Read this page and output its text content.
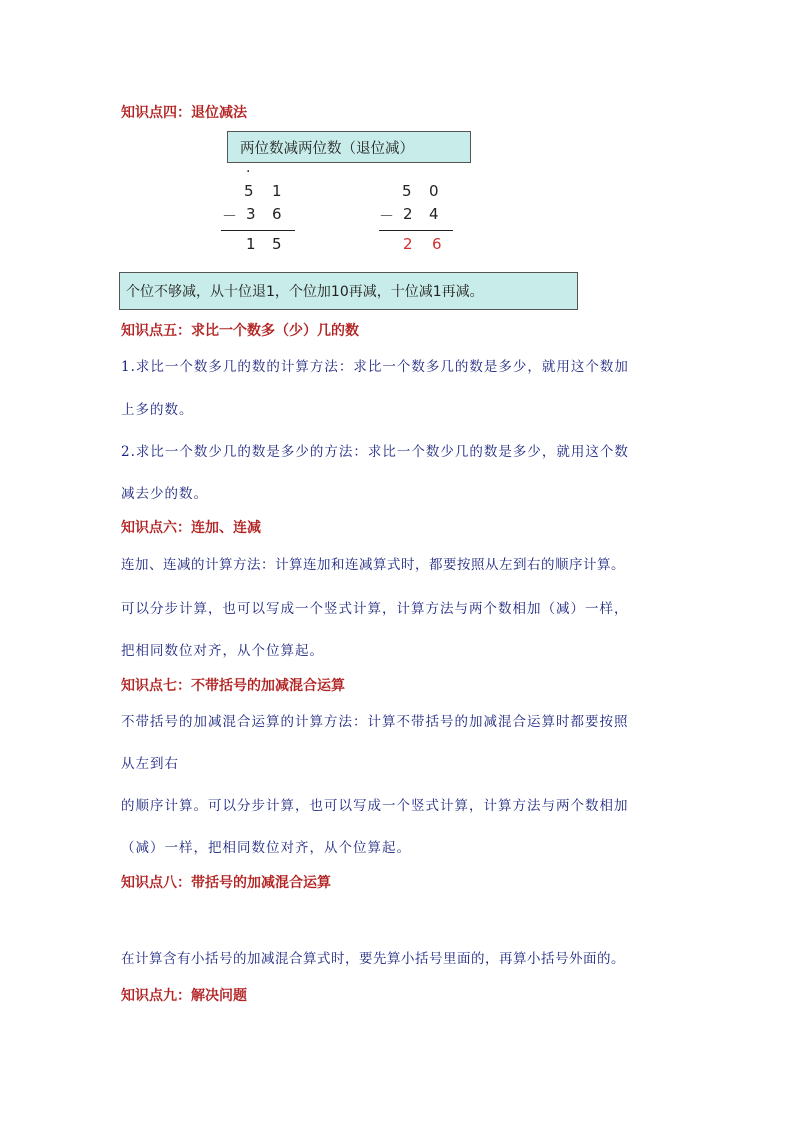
知识点四：退位减法
两位数减两位数（退位减）
·
5 1
－ 3 6
1 5
5 0
－ 2 4
2 6
个位不够减，从十位退1，个位加10再减，十位减1再减。
知识点五：求比一个数多（少）几的数
1.求比一个数多几的数的计算方法：求比一个数多几的数是多少，就用这个数加
上多的数。
2.求比一个数少几的数是多少的方法：求比一个数少几的数是多少，就用这个数
减去少的数。
知识点六：连加、连减
连加、连减的计算方法：计算连加和连减算式时，都要按照从左到右的顺序计算。
可以分步计算，也可以写成一个竖式计算，计算方法与两个数相加（减）一样，
把相同数位对齐，从个位算起。
知识点七：不带括号的加减混合运算
不带括号的加减混合运算的计算方法：计算不带括号的加减混合运算时都要按照
从左到右
的顺序计算。可以分步计算，也可以写成一个竖式计算，计算方法与两个数相加
（减）一样，把相同数位对齐，从个位算起。
知识点八：带括号的加减混合运算
在计算含有小括号的加减混合算式时，要先算小括号里面的，再算小括号外面的。
知识点九：解决问题
